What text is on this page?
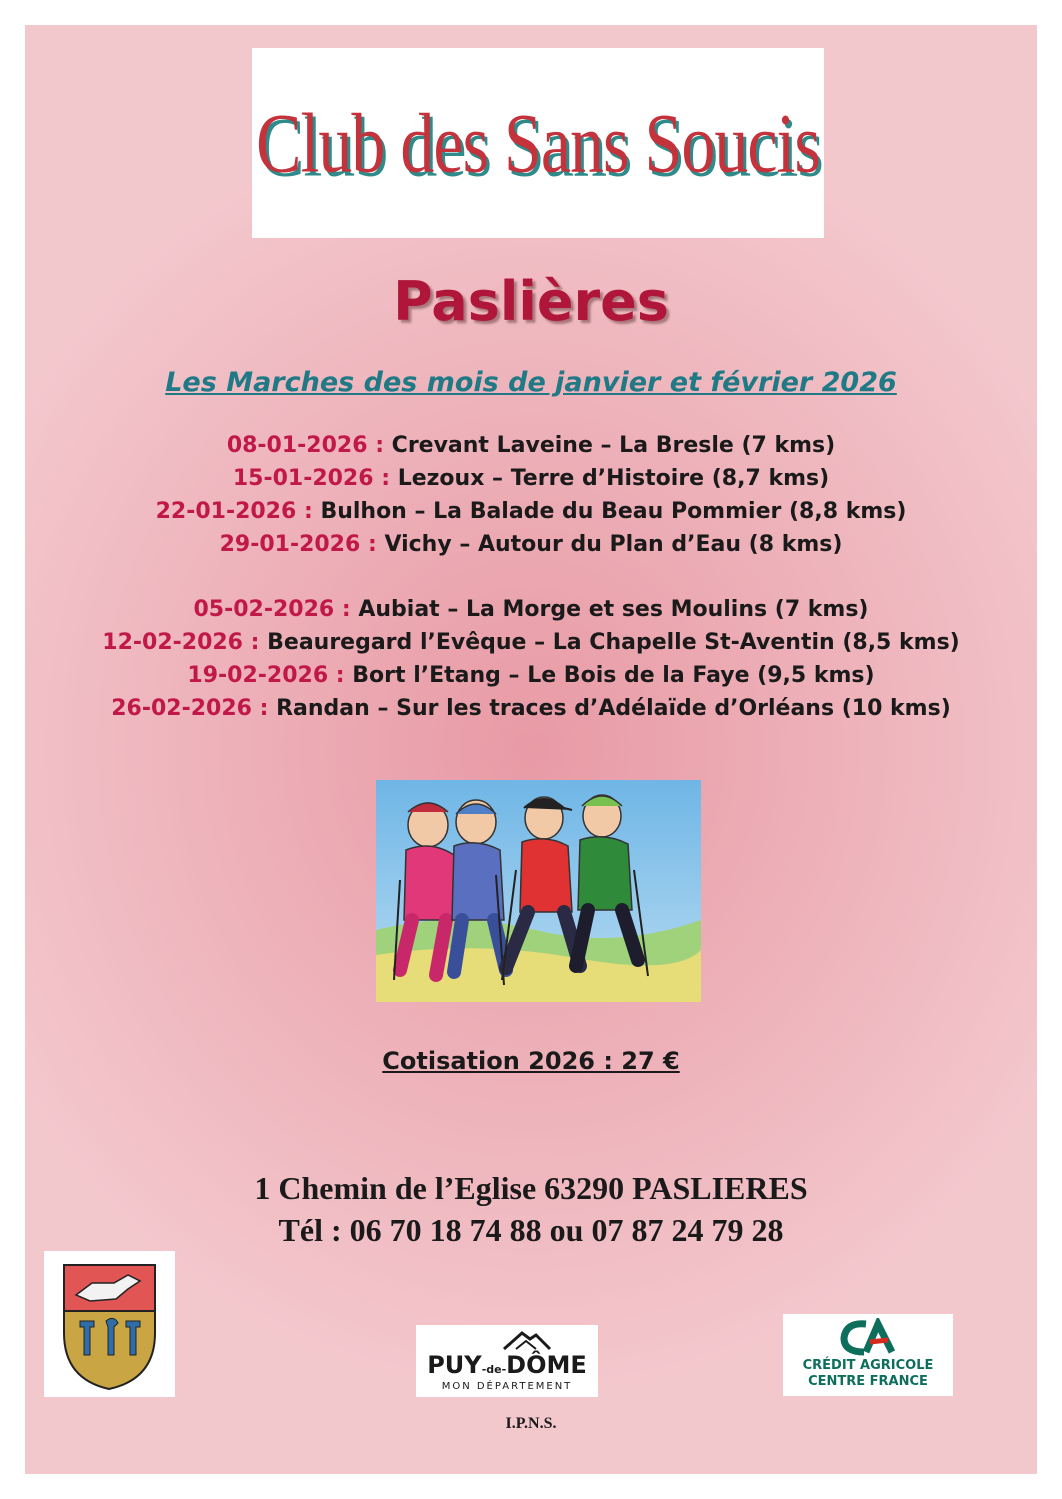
Club des Sans Soucis
Paslières
Les Marches des mois de janvier et février 2026
08-01-2026 : Crevant Laveine – La Bresle (7 kms)
15-01-2026 : Lezoux – Terre d’Histoire (8,7 kms)
22-01-2026 : Bulhon – La Balade du Beau Pommier (8,8 kms)
29-01-2026 : Vichy – Autour du Plan d’Eau (8 kms)
05-02-2026 : Aubiat – La Morge et ses Moulins (7 kms)
12-02-2026 : Beauregard l’Evêque – La Chapelle St-Aventin (8,5 kms)
19-02-2026 : Bort l’Etang – Le Bois de la Faye (9,5 kms)
26-02-2026 : Randan – Sur les traces d’Adélaïde d’Orléans (10 kms)
Cotisation 2026 : 27 €
1 Chemin de l’Eglise 63290 PASLIERES
Tél : 06 70 18 74 88 ou 07 87 24 79 28
PUY-de-DÔME
MON DÉPARTEMENT
CRÉDIT AGRICOLE
CENTRE FRANCE
I.P.N.S.
